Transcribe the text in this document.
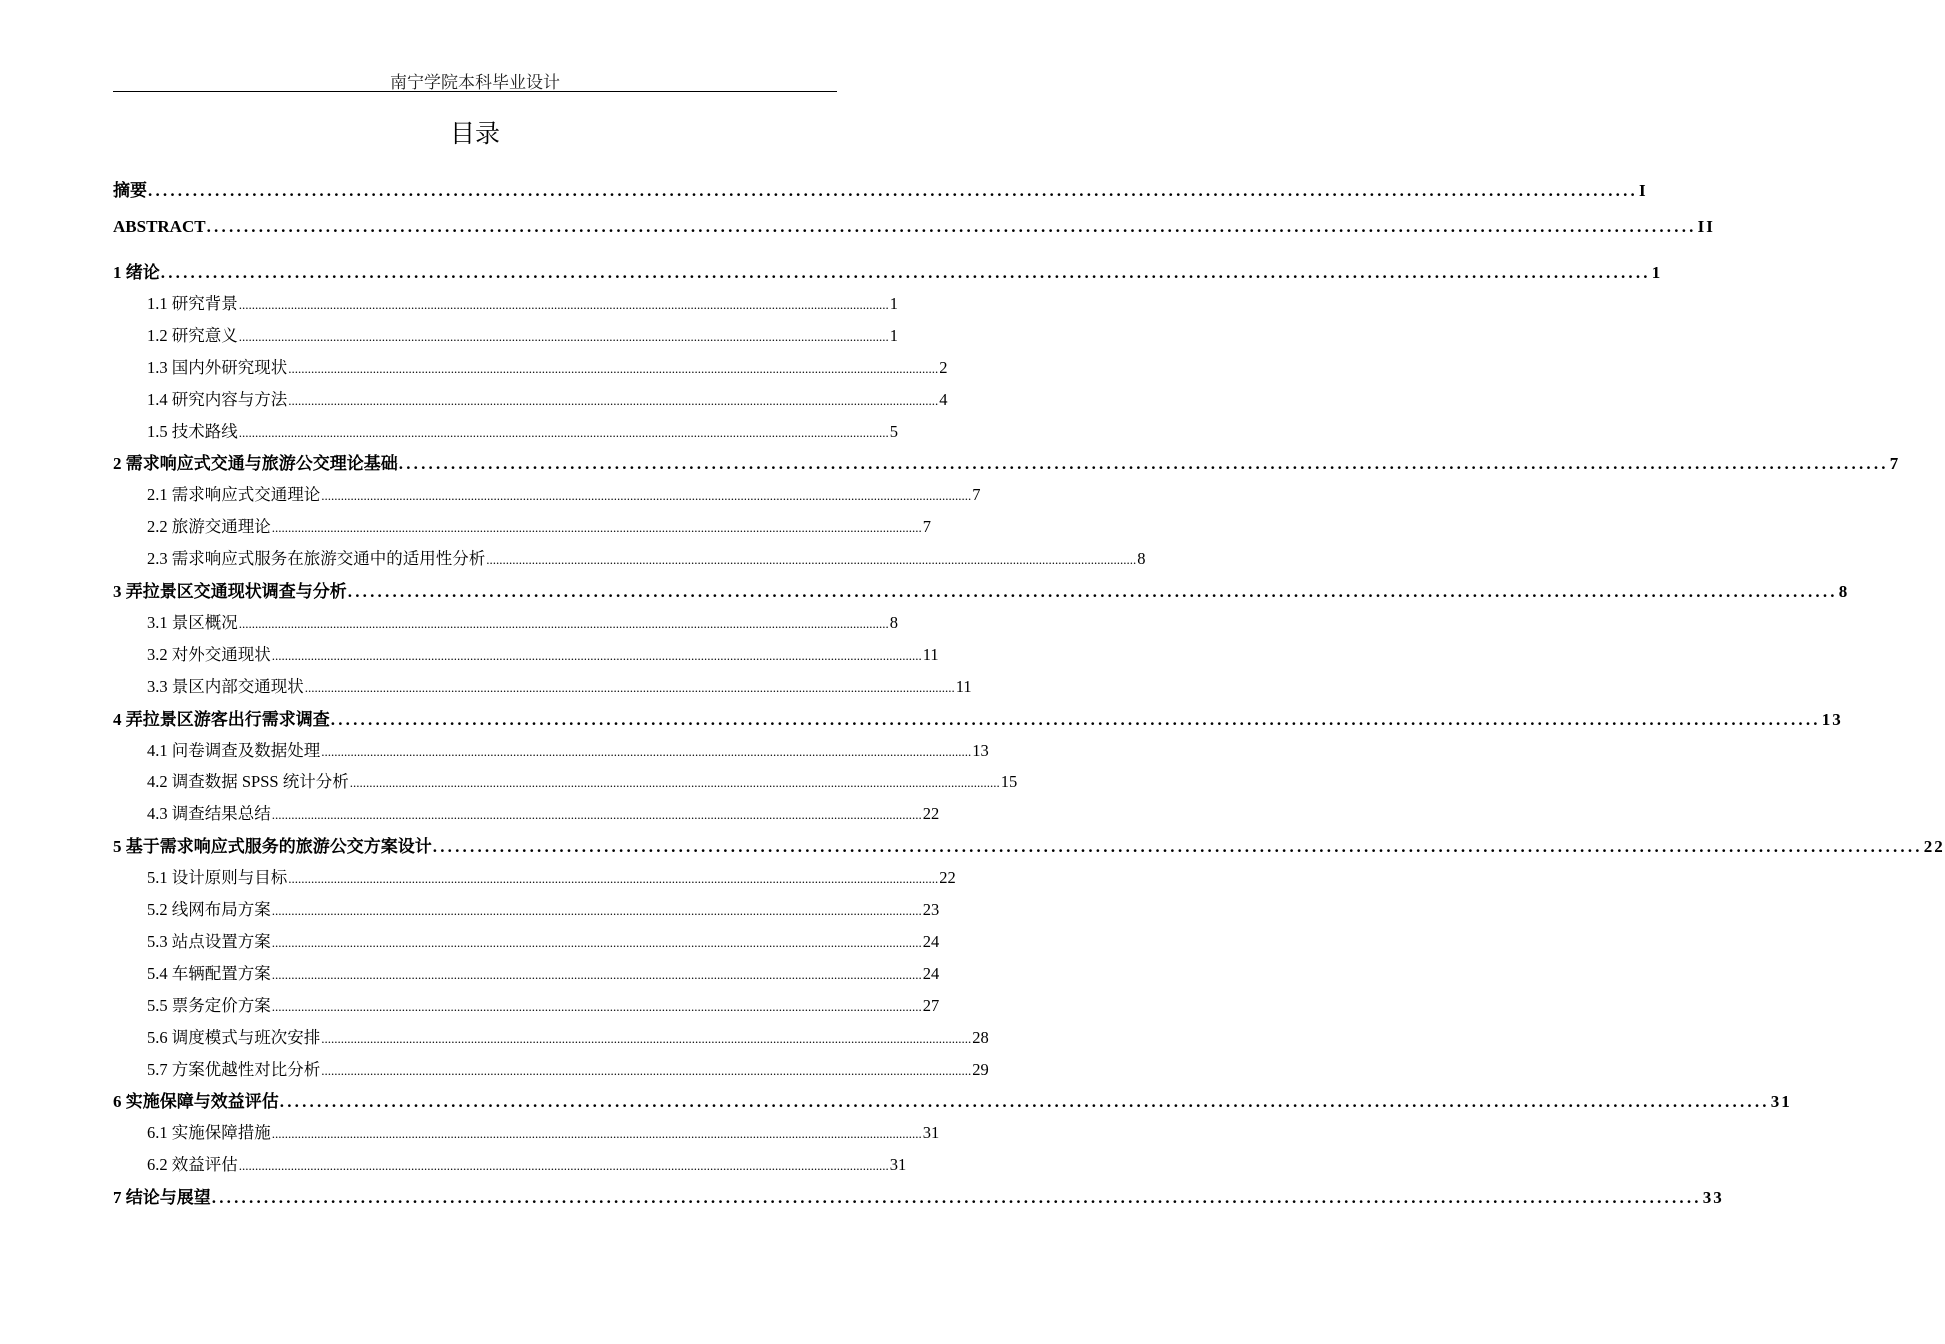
南宁学院本科毕业设计
目录
摘要 ........................................................................................................................................................................................................ I
ABSTRACT ........................................................................................................................................................................................................ II
1 绪论 ........................................................................................................................................................................................................ 1
1.1 研究背景 ........................................................................................................................................................................................................ 1
1.2 研究意义 ........................................................................................................................................................................................................ 1
1.3 国内外研究现状 ........................................................................................................................................................................................................ 2
1.4 研究内容与方法 ........................................................................................................................................................................................................ 4
1.5 技术路线 ........................................................................................................................................................................................................ 5
2 需求响应式交通与旅游公交理论基础 ........................................................................................................................................................................................................ 7
2.1 需求响应式交通理论 ........................................................................................................................................................................................................ 7
2.2 旅游交通理论 ........................................................................................................................................................................................................ 7
2.3 需求响应式服务在旅游交通中的适用性分析 ........................................................................................................................................................................................................ 8
3 弄拉景区交通现状调查与分析 ........................................................................................................................................................................................................ 8
3.1 景区概况 ........................................................................................................................................................................................................ 8
3.2 对外交通现状 ........................................................................................................................................................................................................ 11
3.3 景区内部交通现状 ........................................................................................................................................................................................................ 11
4 弄拉景区游客出行需求调查 ........................................................................................................................................................................................................ 13
4.1 问卷调查及数据处理 ........................................................................................................................................................................................................ 13
4.2 调查数据 SPSS 统计分析 ........................................................................................................................................................................................................ 15
4.3 调查结果总结 ........................................................................................................................................................................................................ 22
5 基于需求响应式服务的旅游公交方案设计 ........................................................................................................................................................................................................ 22
5.1 设计原则与目标 ........................................................................................................................................................................................................ 22
5.2 线网布局方案 ........................................................................................................................................................................................................ 23
5.3 站点设置方案 ........................................................................................................................................................................................................ 24
5.4 车辆配置方案 ........................................................................................................................................................................................................ 24
5.5 票务定价方案 ........................................................................................................................................................................................................ 27
5.6 调度模式与班次安排 ........................................................................................................................................................................................................ 28
5.7 方案优越性对比分析 ........................................................................................................................................................................................................ 29
6 实施保障与效益评估 ........................................................................................................................................................................................................ 31
6.1 实施保障措施 ........................................................................................................................................................................................................ 31
6.2 效益评估 ........................................................................................................................................................................................................ 31
7 结论与展望 ........................................................................................................................................................................................................ 33
